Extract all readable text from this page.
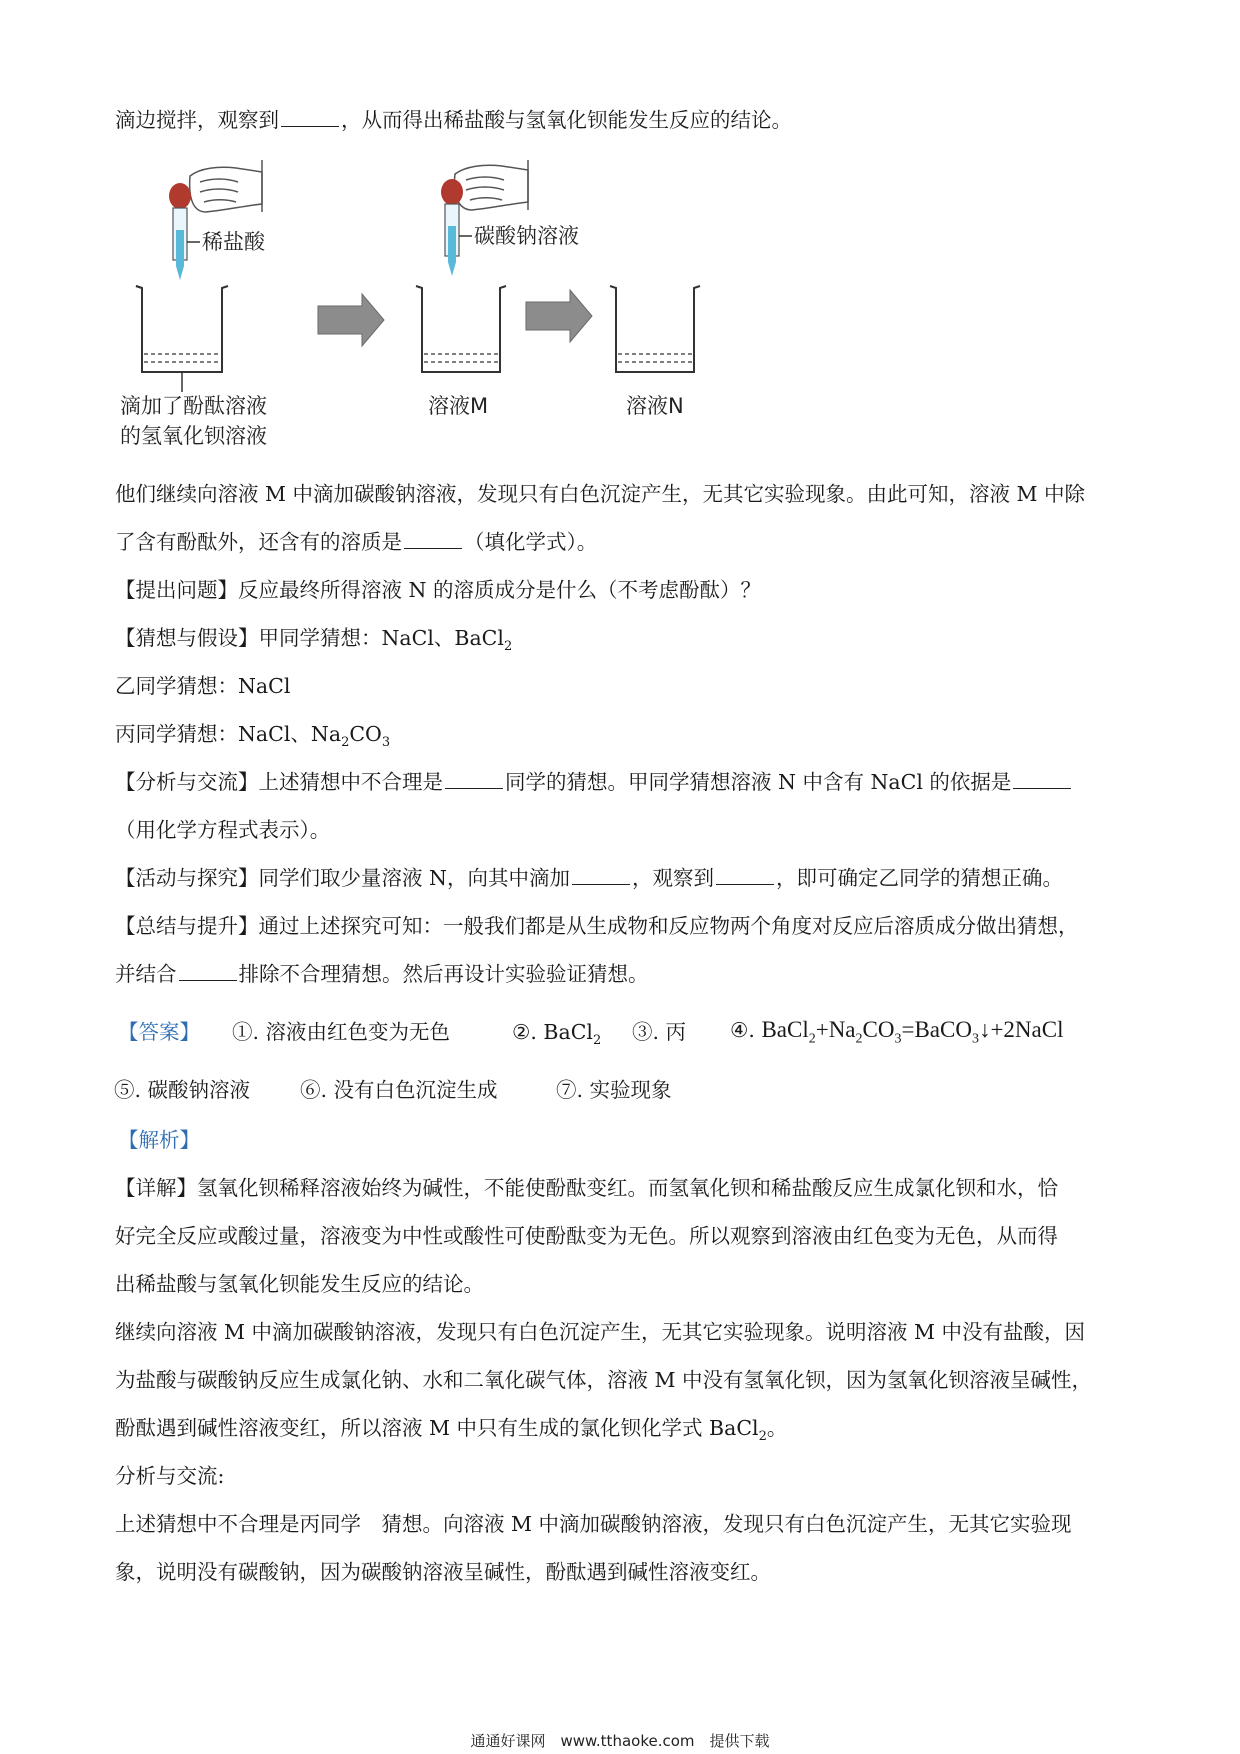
滴边搅拌，观察到	，从而得出稀盐酸与氢氧化钡能发生反应的结论。
稀盐酸	碳酸钠溶液
滴加了酚酞溶液
的氢氧化钡溶液
溶液M	溶液N
他们继续向溶液 M 中滴加碳酸钠溶液，发现只有白色沉淀产生，无其它实验现象。由此可知，溶液 M 中除
了含有酚酞外，还含有的溶质是	（填化学式）。
【提出问题】反应最终所得溶液 N 的溶质成分是什么（不考虑酚酞）？
【猜想与假设】甲同学猜想：NaCl、BaCl$_2$
乙同学猜想：NaCl
丙同学猜想：NaCl、$Na_2CO_3$
【分析与交流】上述猜想中不合理是	同学的猜想。甲同学猜想溶液 N 中含有 NaCl 的依据是
（用化学方程式表示）。
【活动与探究】同学们取少量溶液 N，向其中滴加	，观察到	，即可确定乙同学的猜想正确。
【总结与提升】通过上述探究可知：一般我们都是从生成物和反应物两个角度对反应后溶质成分做出猜想，
并结合	排除不合理猜想。然后再设计实验验证猜想。
【答案】 ①. 溶液由红色变为无色	②. BaCl$_2$ ③. 丙 ④. $BaCl_2+Na_2CO_3=BaCO_3↓+2NaCl$
⑤. 碳酸钠溶液 ⑥. 没有白色沉淀生成	⑦. 实验现象
【解析】
【详解】氢氧化钡稀释溶液始终为碱性，不能使酚酞变红。而氢氧化钡和稀盐酸反应生成氯化钡和水，恰
好完全反应或酸过量，溶液变为中性或酸性可使酚酞变为无色。所以观察到溶液由红色变为无色，从而得
出稀盐酸与氢氧化钡能发生反应的结论。
继续向溶液 M 中滴加碳酸钠溶液，发现只有白色沉淀产生，无其它实验现象。说明溶液 M 中没有盐酸，因
为盐酸与碳酸钠反应生成氯化钠、水和二氧化碳气体，溶液 M 中没有氢氧化钡，因为氢氧化钡溶液呈碱性，
酚酞遇到碱性溶液变红，所以溶液 M 中只有生成的氯化钡化学式 BaCl$_2$。
分析与交流:
上述猜想中不合理是丙同学　猜想。向溶液 M 中滴加碳酸钠溶液，发现只有白色沉淀产生，无其它实验现
象，说明没有碳酸钠，因为碳酸钠溶液呈碱性，酚酞遇到碱性溶液变红。
通通好课网　www.tthaoke.com　提供下载
